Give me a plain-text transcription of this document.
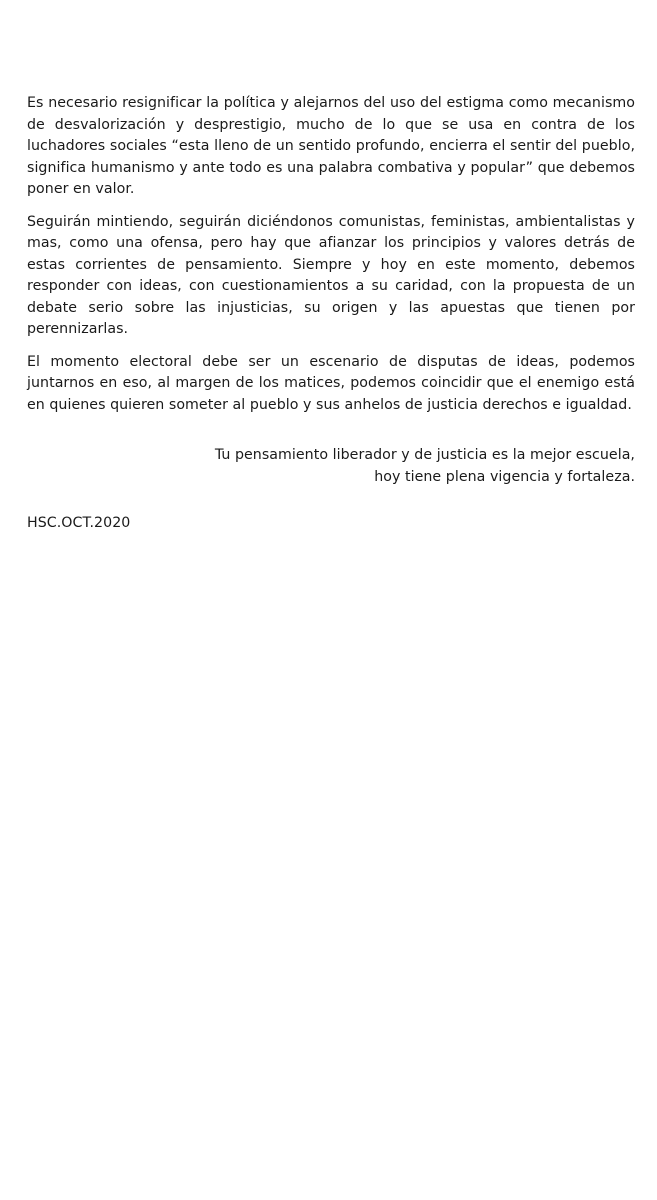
Es necesario resignificar la política y alejarnos del uso del estigma como mecanismo de desvalorización y desprestigio, mucho de lo que se usa en contra de los luchadores sociales “esta lleno de un sentido profundo, encierra el sentir del pueblo, significa humanismo y ante todo es una palabra combativa y popular” que debemos poner en valor.

Seguirán mintiendo, seguirán diciéndonos comunistas, feministas, ambientalistas y mas, como una ofensa, pero hay que afianzar los principios y valores detrás de estas corrientes de pensamiento. Siempre y hoy en este momento, debemos responder con ideas, con cuestionamientos a su caridad, con la propuesta de un debate serio sobre las injusticias, su origen y las apuestas que tienen por perennizarlas.

El momento electoral debe ser un escenario de disputas de ideas, podemos juntarnos en eso, al margen de los matices, podemos coincidir que el enemigo está en quienes quieren someter al pueblo y sus anhelos de justicia derechos e igualdad.

Tu pensamiento liberador y de justicia es la mejor escuela,
hoy tiene plena vigencia y fortaleza.
HSC.OCT.2020
